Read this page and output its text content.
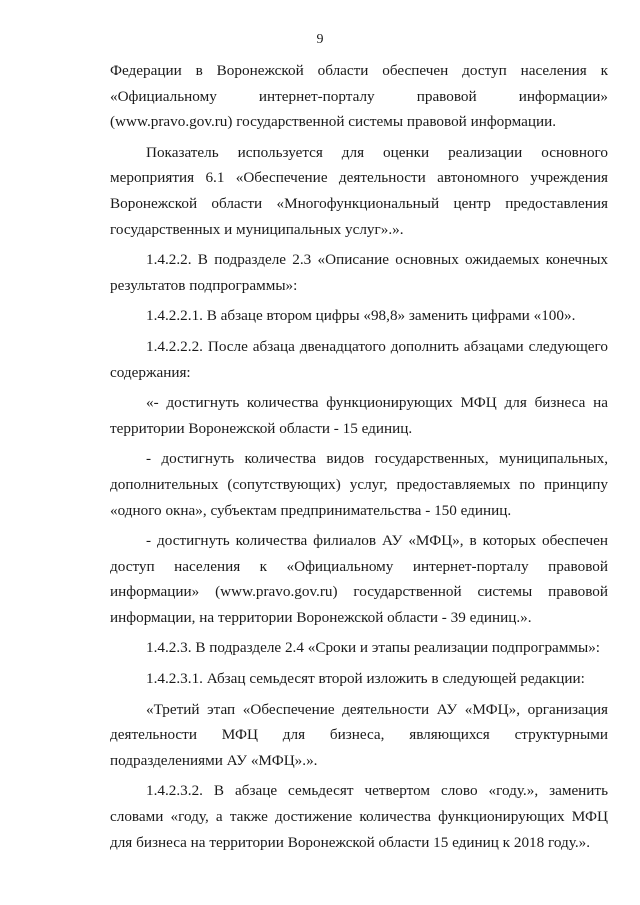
9

Федерации в Воронежской области обеспечен доступ населения к «Официальному интернет-порталу правовой информации» (www.pravo.gov.ru) государственной системы правовой информации.

Показатель используется для оценки реализации основного мероприятия 6.1 «Обеспечение деятельности автономного учреждения Воронежской области «Многофункциональный центр предоставления государственных и муниципальных услуг».».

1.4.2.2. В подразделе 2.3 «Описание основных ожидаемых конечных результатов подпрограммы»:

1.4.2.2.1. В абзаце втором цифры «98,8» заменить цифрами «100».

1.4.2.2.2. После абзаца двенадцатого дополнить абзацами следующего содержания:

«- достигнуть количества функционирующих МФЦ для бизнеса на территории Воронежской области - 15 единиц.

- достигнуть количества видов государственных, муниципальных, дополнительных (сопутствующих) услуг, предоставляемых по принципу «одного окна», субъектам предпринимательства - 150 единиц.

- достигнуть количества филиалов АУ «МФЦ», в которых обеспечен доступ населения к «Официальному интернет-порталу правовой информации» (www.pravo.gov.ru) государственной системы правовой информации, на территории Воронежской области - 39 единиц.».

1.4.2.3. В подразделе 2.4 «Сроки и этапы реализации подпрограммы»:

1.4.2.3.1. Абзац семьдесят второй изложить в следующей редакции:

«Третий этап «Обеспечение деятельности АУ «МФЦ», организация деятельности МФЦ для бизнеса, являющихся структурными подразделениями АУ «МФЦ».».

1.4.2.3.2. В абзаце семьдесят четвертом слово «году.», заменить словами «году, а также достижение количества функционирующих МФЦ для бизнеса на территории Воронежской области 15 единиц к 2018 году.».
